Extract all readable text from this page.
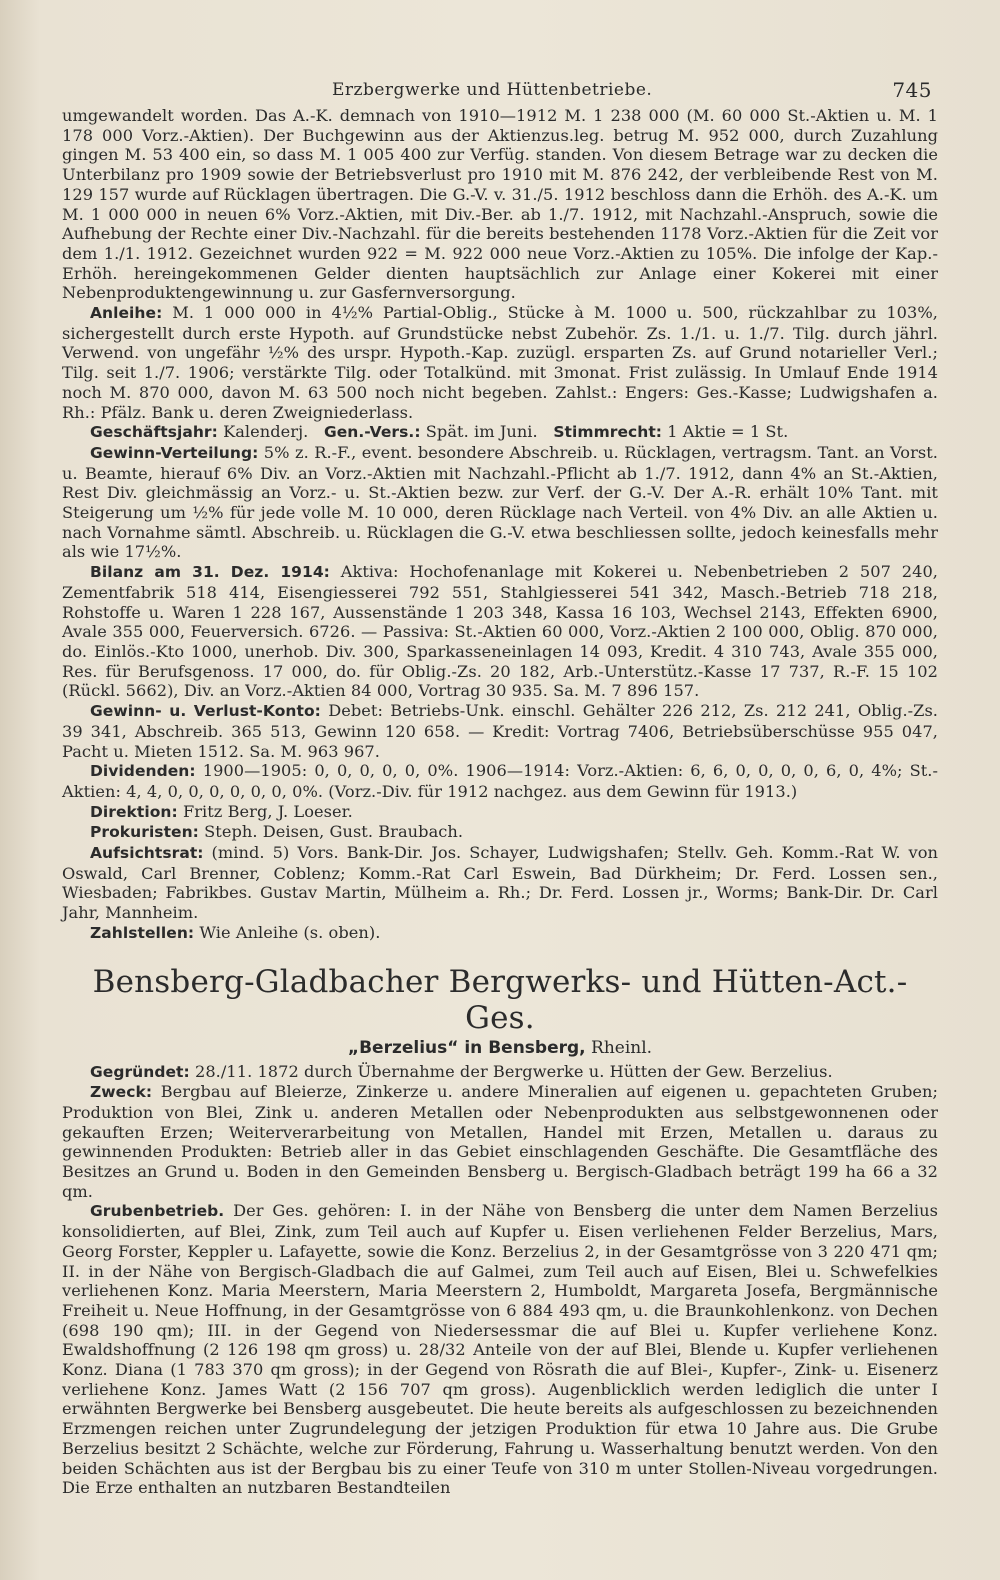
Erzbergwerke und Hüttenbetriebe.	745

umgewandelt worden. Das A.-K. demnach von 1910—1912 M. 1 238 000 (M. 60 000 St.-Aktien u. M. 1 178 000 Vorz.-Aktien). Der Buchgewinn aus der Aktienzus.leg. betrug M. 952 000, durch Zuzahlung gingen M. 53 400 ein, so dass M. 1 005 400 zur Verfüg. standen. Von diesem Betrage war zu decken die Unterbilanz pro 1909 sowie der Betriebsverlust pro 1910 mit M. 876 242, der verbleibende Rest von M. 129 157 wurde auf Rücklagen übertragen. Die G.-V. v. 31./5. 1912 beschloss dann die Erhöh. des A.-K. um M. 1 000 000 in neuen 6% Vorz.-Aktien, mit Div.-Ber. ab 1./7. 1912, mit Nachzahl.-Anspruch, sowie die Aufhebung der Rechte einer Div.-Nachzahl. für die bereits bestehenden 1178 Vorz.-Aktien für die Zeit vor dem 1./1. 1912. Gezeichnet wurden 922 = M. 922 000 neue Vorz.-Aktien zu 105%. Die infolge der Kap.-Erhöh. hereingekommenen Gelder dienten hauptsächlich zur Anlage einer Kokerei mit einer Nebenproduktengewinnung u. zur Gasfernversorgung.

Anleihe: M. 1 000 000 in 4½% Partial-Oblig., Stücke à M. 1000 u. 500, rückzahlbar zu 103%, sichergestellt durch erste Hypoth. auf Grundstücke nebst Zubehör. Zs. 1./1. u. 1./7. Tilg. durch jährl. Verwend. von ungefähr ½% des urspr. Hypoth.-Kap. zuzügl. ersparten Zs. auf Grund notarieller Verl.; Tilg. seit 1./7. 1906; verstärkte Tilg. oder Totalkünd. mit 3monat. Frist zulässig. In Umlauf Ende 1914 noch M. 870 000, davon M. 63 500 noch nicht begeben. Zahlst.: Engers: Ges.-Kasse; Ludwigshafen a. Rh.: Pfälz. Bank u. deren Zweigniederlass.

Geschäftsjahr: Kalenderj. Gen.-Vers.: Spät. im Juni. Stimmrecht: 1 Aktie = 1 St.

Gewinn-Verteilung: 5% z. R.-F., event. besondere Abschreib. u. Rücklagen, vertragsm. Tant. an Vorst. u. Beamte, hierauf 6% Div. an Vorz.-Aktien mit Nachzahl.-Pflicht ab 1./7. 1912, dann 4% an St.-Aktien, Rest Div. gleichmässig an Vorz.- u. St.-Aktien bezw. zur Verf. der G.-V. Der A.-R. erhält 10% Tant. mit Steigerung um ½% für jede volle M. 10 000, deren Rücklage nach Verteil. von 4% Div. an alle Aktien u. nach Vornahme sämtl. Abschreib. u. Rücklagen die G.-V. etwa beschliessen sollte, jedoch keinesfalls mehr als wie 17½%.

Bilanz am 31. Dez. 1914: Aktiva: Hochofenanlage mit Kokerei u. Nebenbetrieben 2 507 240, Zementfabrik 518 414, Eisengiesserei 792 551, Stahlgiesserei 541 342, Masch.-Betrieb 718 218, Rohstoffe u. Waren 1 228 167, Aussenstände 1 203 348, Kassa 16 103, Wechsel 2143, Effekten 6900, Avale 355 000, Feuerversich. 6726. — Passiva: St.-Aktien 60 000, Vorz.-Aktien 2 100 000, Oblig. 870 000, do. Einlös.-Kto 1000, unerhob. Div. 300, Sparkasseneinlagen 14 093, Kredit. 4 310 743, Avale 355 000, Res. für Berufsgenoss. 17 000, do. für Oblig.-Zs. 20 182, Arb.-Unterstütz.-Kasse 17 737, R.-F. 15 102 (Rückl. 5662), Div. an Vorz.-Aktien 84 000, Vortrag 30 935. Sa. M. 7 896 157.

Gewinn- u. Verlust-Konto: Debet: Betriebs-Unk. einschl. Gehälter 226 212, Zs. 212 241, Oblig.-Zs. 39 341, Abschreib. 365 513, Gewinn 120 658. — Kredit: Vortrag 7406, Betriebsüberschüsse 955 047, Pacht u. Mieten 1512. Sa. M. 963 967.

Dividenden: 1900—1905: 0, 0, 0, 0, 0, 0%. 1906—1914: Vorz.-Aktien: 6, 6, 0, 0, 0, 0, 6, 0, 4%; St.-Aktien: 4, 4, 0, 0, 0, 0, 0, 0, 0%. (Vorz.-Div. für 1912 nachgez. aus dem Gewinn für 1913.)

Direktion: Fritz Berg, J. Loeser.

Prokuristen: Steph. Deisen, Gust. Braubach.

Aufsichtsrat: (mind. 5) Vors. Bank-Dir. Jos. Schayer, Ludwigshafen; Stellv. Geh. Komm.-Rat W. von Oswald, Carl Brenner, Coblenz; Komm.-Rat Carl Eswein, Bad Dürkheim; Dr. Ferd. Lossen sen., Wiesbaden; Fabrikbes. Gustav Martin, Mülheim a. Rh.; Dr. Ferd. Lossen jr., Worms; Bank-Dir. Dr. Carl Jahr, Mannheim.

Zahlstellen: Wie Anleihe (s. oben).

Bensberg-Gladbacher Bergwerks- und Hütten-Act.-Ges.
„Berzelius“ in Bensberg, Rheinl.

Gegründet: 28./11. 1872 durch Übernahme der Bergwerke u. Hütten der Gew. Berzelius.

Zweck: Bergbau auf Bleierze, Zinkerze u. andere Mineralien auf eigenen u. gepachteten Gruben; Produktion von Blei, Zink u. anderen Metallen oder Nebenprodukten aus selbstgewonnenen oder gekauften Erzen; Weiterverarbeitung von Metallen, Handel mit Erzen, Metallen u. daraus zu gewinnenden Produkten: Betrieb aller in das Gebiet einschlagenden Geschäfte. Die Gesamtfläche des Besitzes an Grund u. Boden in den Gemeinden Bensberg u. Bergisch-Gladbach beträgt 199 ha 66 a 32 qm.

Grubenbetrieb. Der Ges. gehören: I. in der Nähe von Bensberg die unter dem Namen Berzelius konsolidierten, auf Blei, Zink, zum Teil auch auf Kupfer u. Eisen verliehenen Felder Berzelius, Mars, Georg Forster, Keppler u. Lafayette, sowie die Konz. Berzelius 2, in der Gesamtgrösse von 3 220 471 qm; II. in der Nähe von Bergisch-Gladbach die auf Galmei, zum Teil auch auf Eisen, Blei u. Schwefelkies verliehenen Konz. Maria Meerstern, Maria Meerstern 2, Humboldt, Margareta Josefa, Bergmännische Freiheit u. Neue Hoffnung, in der Gesamtgrösse von 6 884 493 qm, u. die Braunkohlenkonz. von Dechen (698 190 qm); III. in der Gegend von Niedersessmar die auf Blei u. Kupfer verliehene Konz. Ewaldshoffnung (2 126 198 qm gross) u. 28/32 Anteile von der auf Blei, Blende u. Kupfer verliehenen Konz. Diana (1 783 370 qm gross); in der Gegend von Rösrath die auf Blei-, Kupfer-, Zink- u. Eisenerz verliehene Konz. James Watt (2 156 707 qm gross). Augenblicklich werden lediglich die unter I erwähnten Bergwerke bei Bensberg ausgebeutet. Die heute bereits als aufgeschlossen zu bezeichnenden Erzmengen reichen unter Zugrundelegung der jetzigen Produktion für etwa 10 Jahre aus. Die Grube Berzelius besitzt 2 Schächte, welche zur Förderung, Fahrung u. Wasserhaltung benutzt werden. Von den beiden Schächten aus ist der Bergbau bis zu einer Teufe von 310 m unter Stollen-Niveau vorgedrungen. Die Erze enthalten an nutzbaren Bestandteilen
